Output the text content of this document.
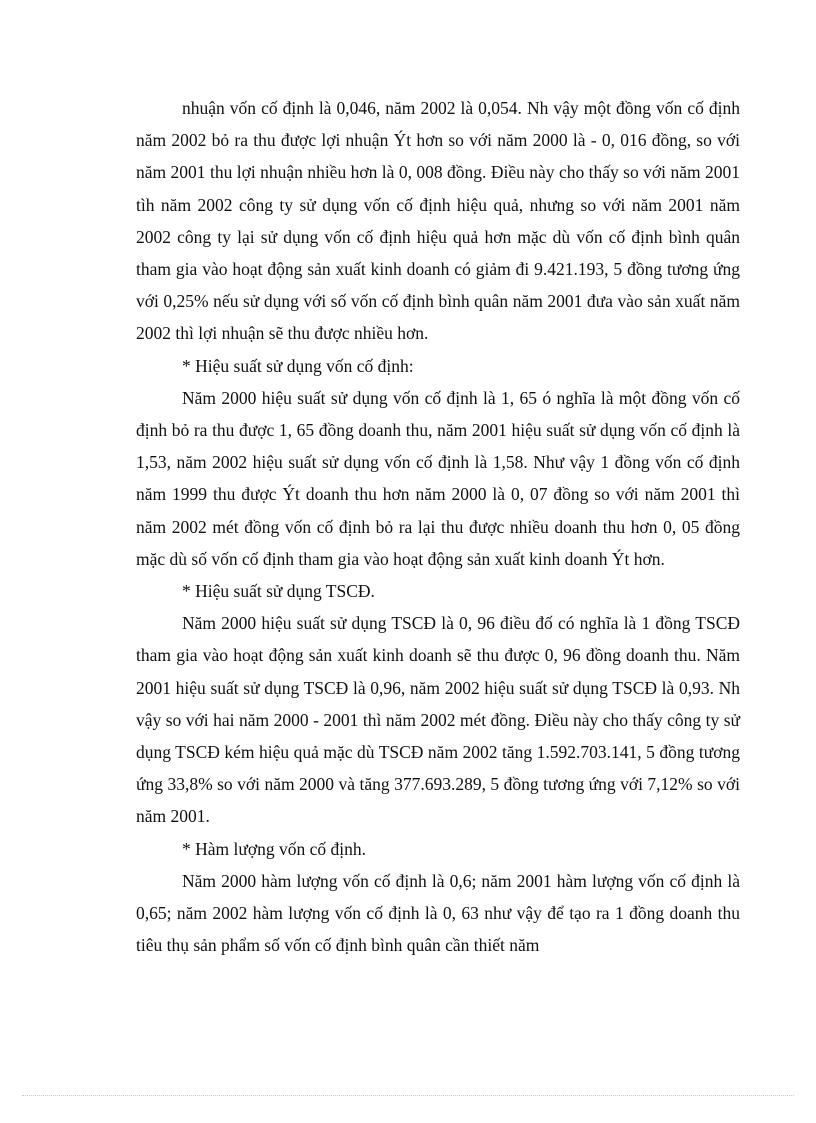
nhuận vốn cố định là 0,046, năm 2002 là 0,054. Nh vậy một đồng vốn cố định năm 2002 bỏ ra thu được lợi nhuận Ýt hơn so với năm 2000 là - 0, 016 đồng, so với năm 2001 thu lợi nhuận nhiều hơn là 0, 008 đồng. Điều này cho thấy so với năm 2001 tìh năm 2002 công ty sử dụng vốn cố định hiệu quả, nhưng so với năm 2001 năm 2002 công ty lại sử dụng vốn cố định hiệu quả hơn mặc dù vốn cố định bình quân tham gia vào hoạt động sản xuất kinh doanh có giảm đi 9.421.193, 5 đồng tương ứng với 0,25% nếu sử dụng với số vốn cố định bình quân năm 2001 đưa vào sản xuất năm 2002 thì lợi nhuận sẽ thu được nhiều hơn.

* Hiệu suất sử dụng vốn cố định:

Năm 2000 hiệu suất sử dụng vốn cố định là 1, 65 ó nghĩa là một đồng vốn cố định bỏ ra thu được 1, 65 đồng doanh thu, năm 2001 hiệu suất sử dụng vốn cố định là 1,53, năm 2002 hiệu suất sử dụng vốn cố định là 1,58. Như vậy 1 đồng vốn cố định năm 1999 thu được Ýt doanh thu hơn năm 2000 là 0, 07 đồng so với năm 2001 thì năm 2002 mét đồng vốn cố định bỏ ra lại thu được nhiều doanh thu hơn 0, 05 đồng mặc dù số vốn cố định tham gia vào hoạt động sản xuất kinh doanh Ýt hơn.

* Hiệu suất sử dụng TSCĐ.

Năm 2000 hiệu suất sử dụng TSCĐ là 0, 96 điều đố có nghĩa là 1 đồng TSCĐ tham gia vào hoạt động sản xuất kinh doanh sẽ thu được 0, 96 đồng doanh thu. Năm 2001 hiệu suất sử dụng TSCĐ là 0,96, năm 2002 hiệu suất sử dụng TSCĐ là 0,93. Nh vậy so với hai năm 2000 - 2001 thì năm 2002 mét đồng. Điều này cho thấy công ty sử dụng TSCĐ kém hiệu quả mặc dù TSCĐ năm 2002 tăng 1.592.703.141, 5 đồng tương ứng 33,8% so với năm 2000 và tăng 377.693.289, 5 đồng tương ứng với 7,12% so với năm 2001.

* Hàm lượng vốn cố định.

Năm 2000 hàm lượng vốn cố định là 0,6; năm 2001 hàm lượng vốn cố định là 0,65; năm 2002 hàm lượng vốn cố định là 0, 63 như vậy để tạo ra 1 đồng doanh thu tiêu thụ sản phẩm số vốn cố định bình quân cần thiết năm
